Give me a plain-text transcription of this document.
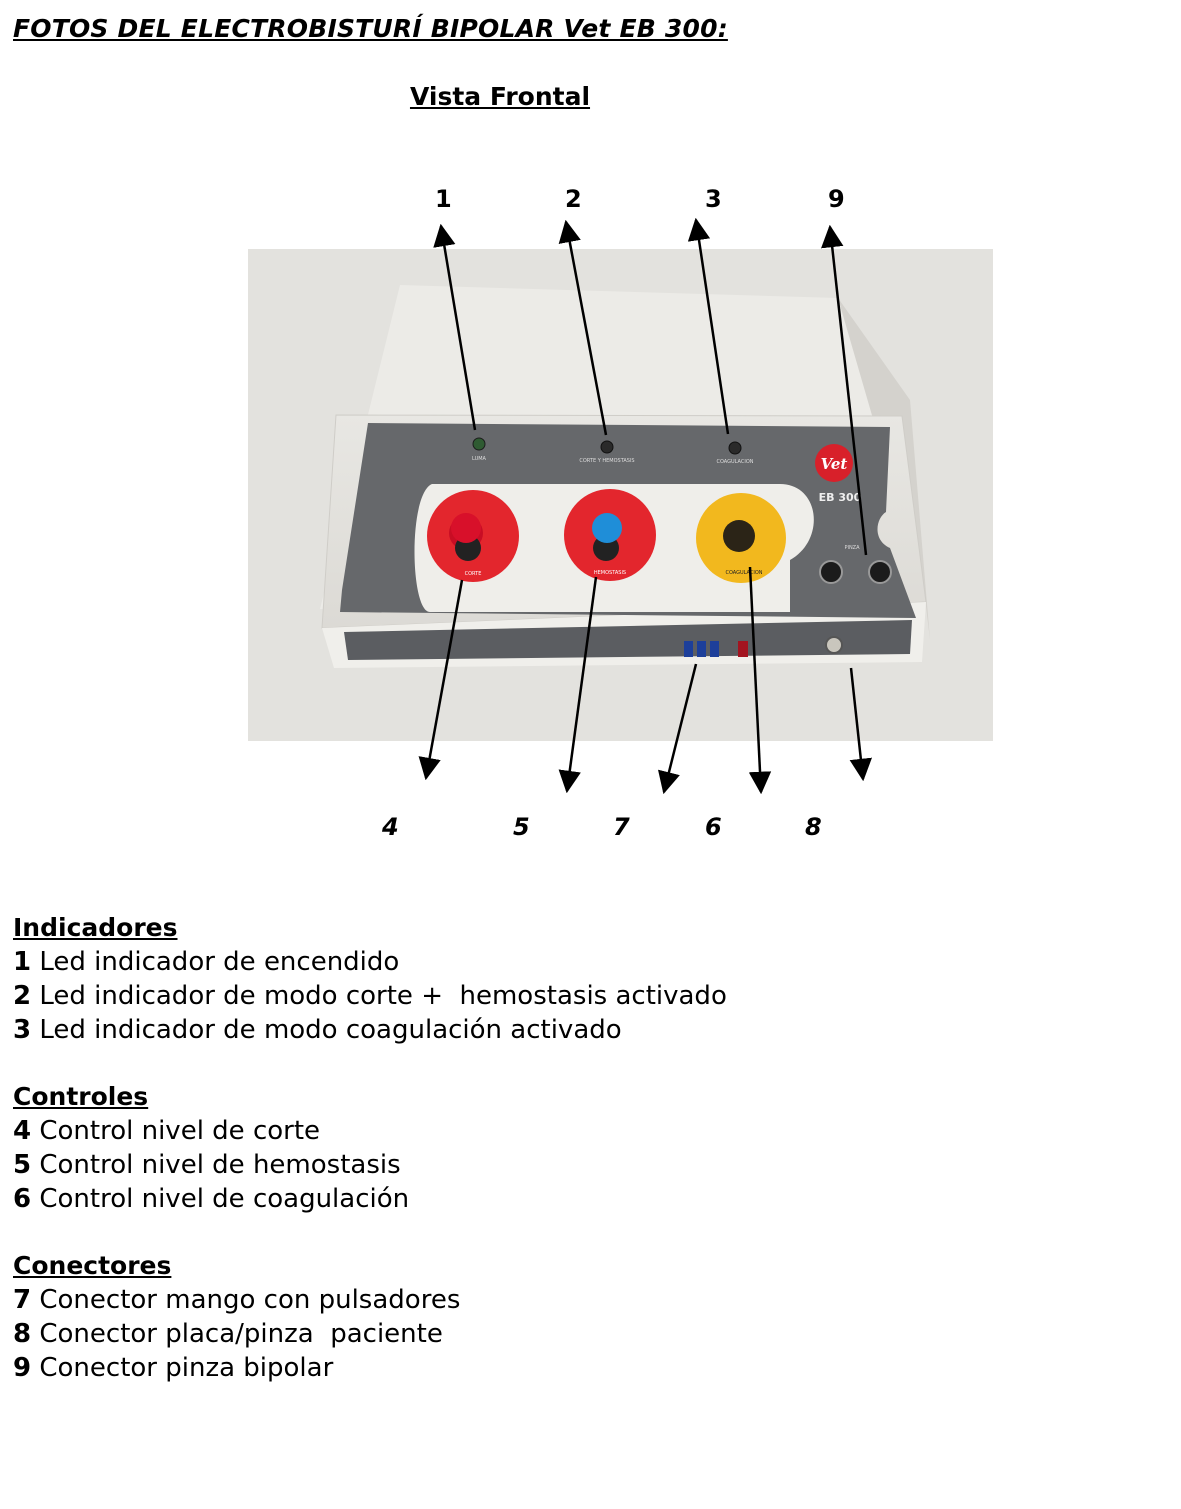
FOTOS DEL ELECTROBISTURÍ BIPOLAR Vet EB 300:
Vista Frontal
LUMA	CORTE Y HEMOSTASIS	COAGULACION	Vet
EB 300
CORTE	HEMOSTASIS	COAGULACION
PINZA
1	2	3	9
4	5	7	6	8
Indicadores
1 Led indicador de encendido
2 Led indicador de modo corte +  hemostasis activado
3 Led indicador de modo coagulación activado
Controles
4 Control nivel de corte
5 Control nivel de hemostasis
6 Control nivel de coagulación
Conectores
7 Conector mango con pulsadores
8 Conector placa/pinza  paciente
9 Conector pinza bipolar
